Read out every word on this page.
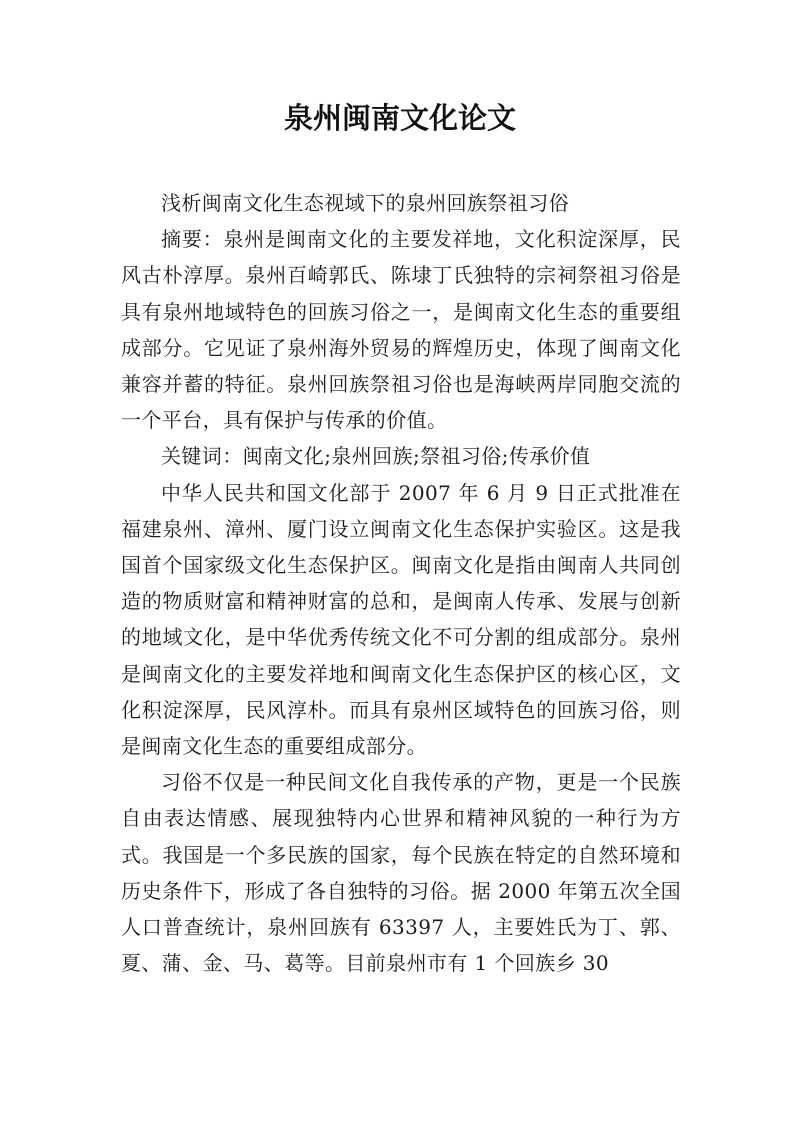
泉州闽南文化论文

浅析闽南文化生态视域下的泉州回族祭祖习俗

摘要：泉州是闽南文化的主要发祥地，文化积淀深厚，民风古朴淳厚。泉州百崎郭氏、陈埭丁氏独特的宗祠祭祖习俗是具有泉州地域特色的回族习俗之一，是闽南文化生态的重要组成部分。它见证了泉州海外贸易的辉煌历史，体现了闽南文化兼容并蓄的特征。泉州回族祭祖习俗也是海峡两岸同胞交流的一个平台，具有保护与传承的价值。

关键词：闽南文化;泉州回族;祭祖习俗;传承价值

中华人民共和国文化部于 2007 年 6 月 9 日正式批准在福建泉州、漳州、厦门设立闽南文化生态保护实验区。这是我国首个国家级文化生态保护区。闽南文化是指由闽南人共同创造的物质财富和精神财富的总和，是闽南人传承、发展与创新的地域文化，是中华优秀传统文化不可分割的组成部分。泉州是闽南文化的主要发祥地和闽南文化生态保护区的核心区，文化积淀深厚，民风淳朴。而具有泉州区域特色的回族习俗，则是闽南文化生态的重要组成部分。

习俗不仅是一种民间文化自我传承的产物，更是一个民族自由表达情感、展现独特内心世界和精神风貌的一种行为方式。我国是一个多民族的国家，每个民族在特定的自然环境和历史条件下，形成了各自独特的习俗。据 2000 年第五次全国人口普查统计，泉州回族有 63397 人，主要姓氏为丁、郭、夏、蒲、金、马、葛等。目前泉州市有 1 个回族乡 30
